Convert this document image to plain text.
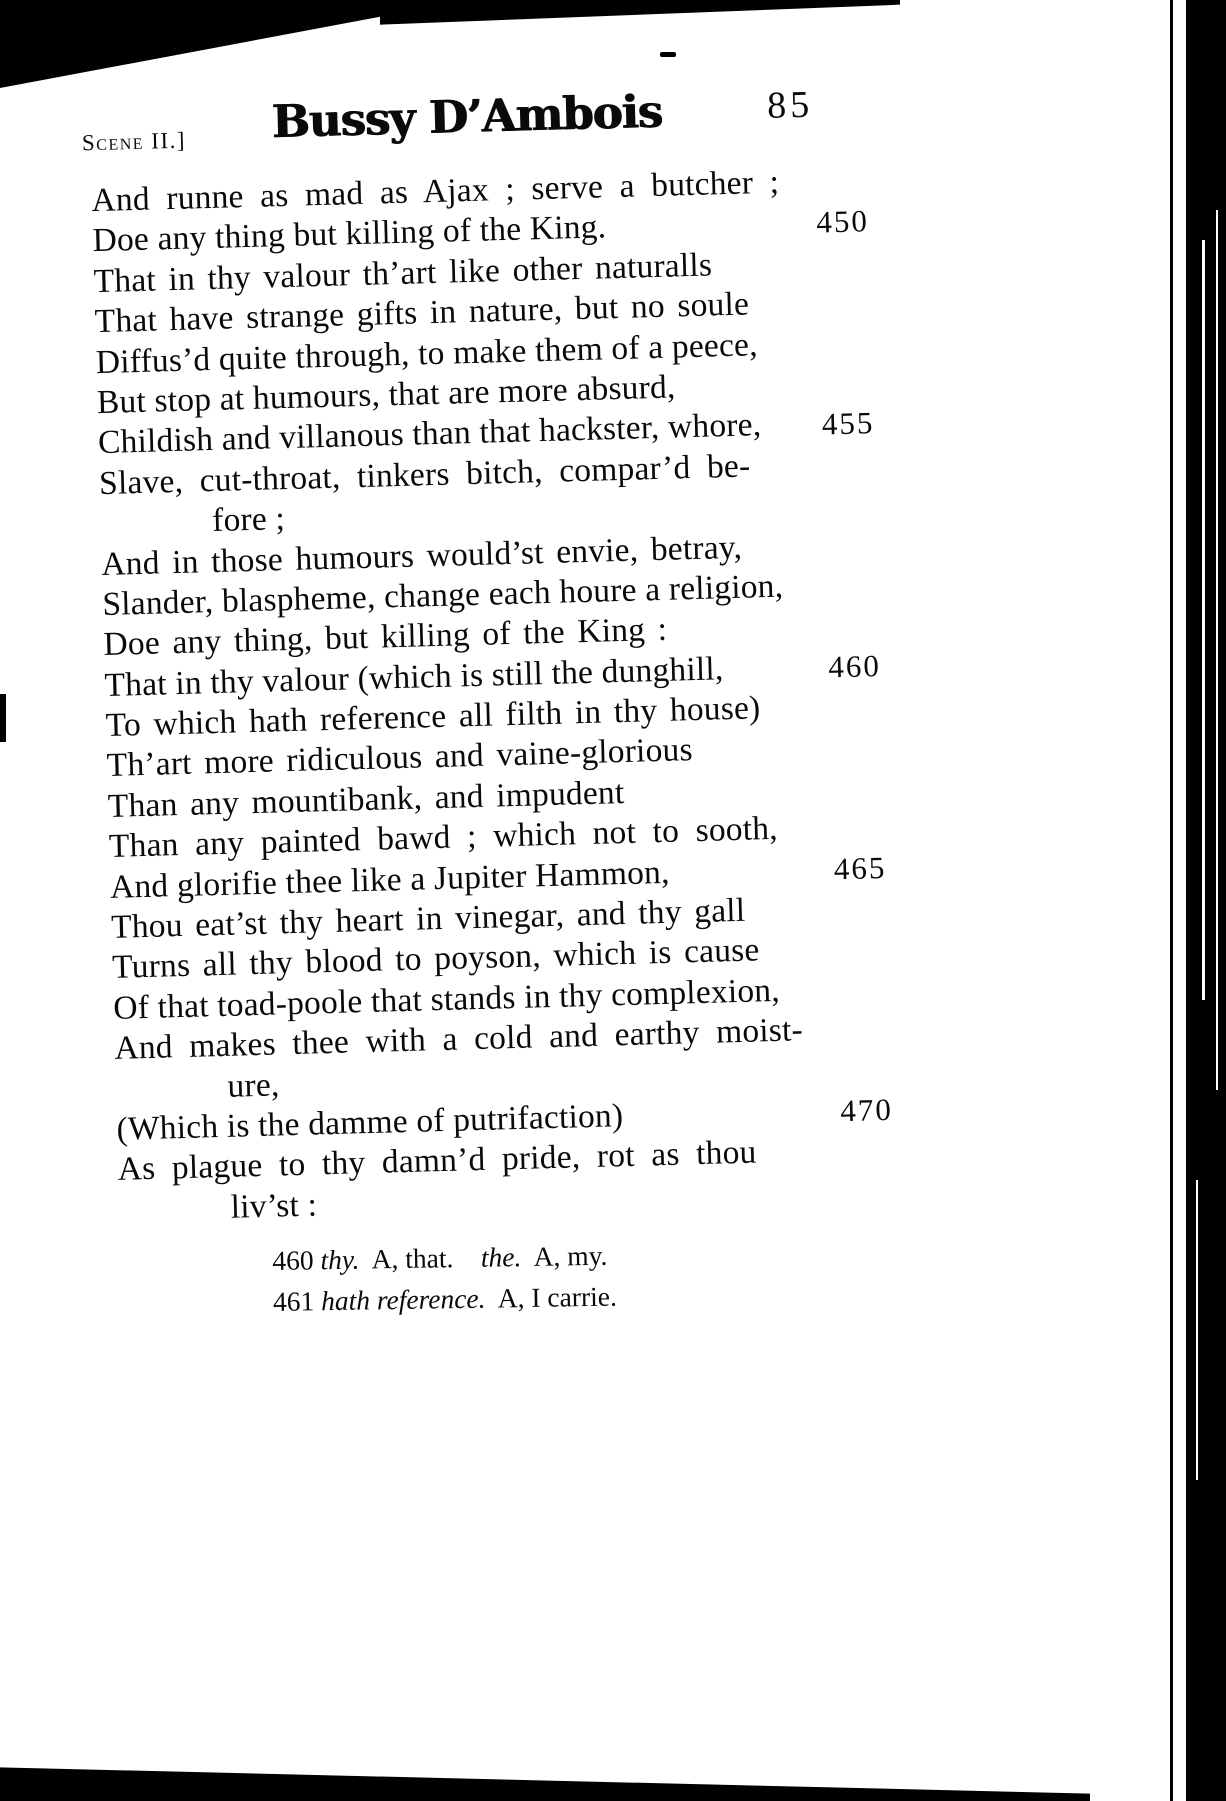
Scene II.] Bussy D’Ambois	85
And runne as mad as Ajax ; serve a butcher ;
Doe any thing but killing of the King.	450
That in thy valour th’art like other naturalls
That have strange gifts in nature, but no soule
Diffus’d quite through, to make them of a peece,
But stop at humours, that are more absurd,
Childish and villanous than that hackster, whore, 455
Slave, cut-throat, tinkers bitch, compar’d be-
fore ;
And in those humours would’st envie, betray,
Slander, blaspheme, change each houre a religion,
Doe any thing, but killing of the King :
That in thy valour (which is still the dunghill,	460
To which hath reference all filth in thy house)
Th’art more ridiculous and vaine-glorious
Than any mountibank, and impudent
Than any painted bawd ; which not to sooth,
And glorifie thee like a Jupiter Hammon,	465
Thou eat’st thy heart in vinegar, and thy gall
Turns all thy blood to poyson, which is cause
Of that toad-poole that stands in thy complexion,
And makes thee with a cold and earthy moist-
ure,
(Which is the damme of putrifaction)	470
As plague to thy damn’d pride, rot as thou
liv’st :
460 thy.  A, that.    the.  A, my.
461 hath reference.  A, I carrie.
